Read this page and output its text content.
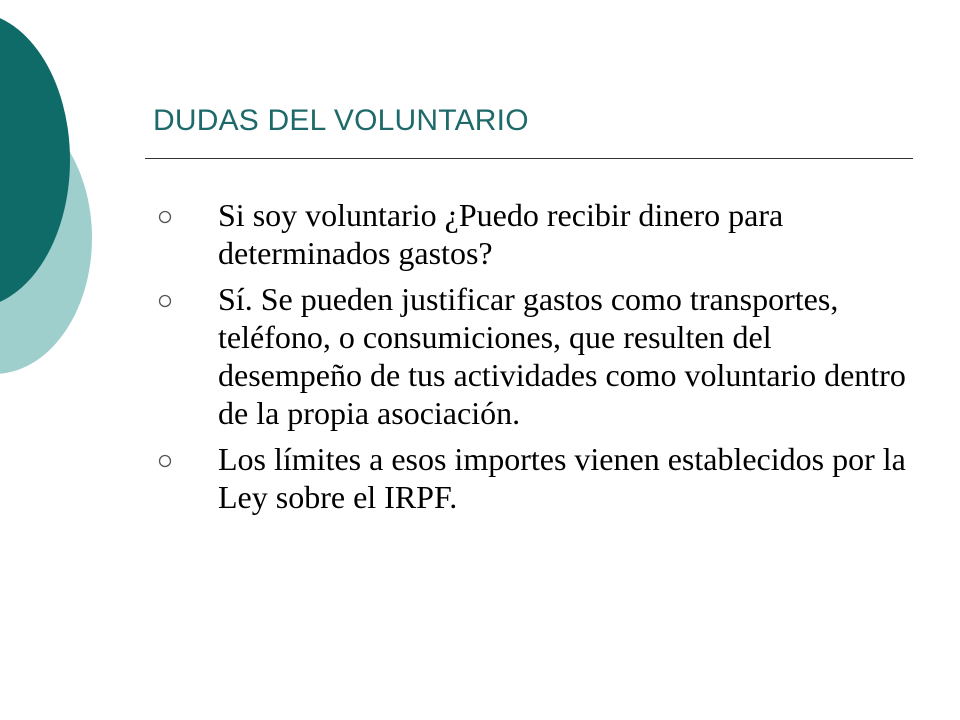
DUDAS DEL VOLUNTARIO
Si soy voluntario ¿Puedo recibir dinero para determinados gastos?
Sí. Se pueden justificar gastos como transportes, teléfono, o consumiciones, que resulten del desempeño de tus actividades como voluntario dentro de la propia asociación.
Los límites a esos importes vienen establecidos por la Ley sobre el IRPF.
